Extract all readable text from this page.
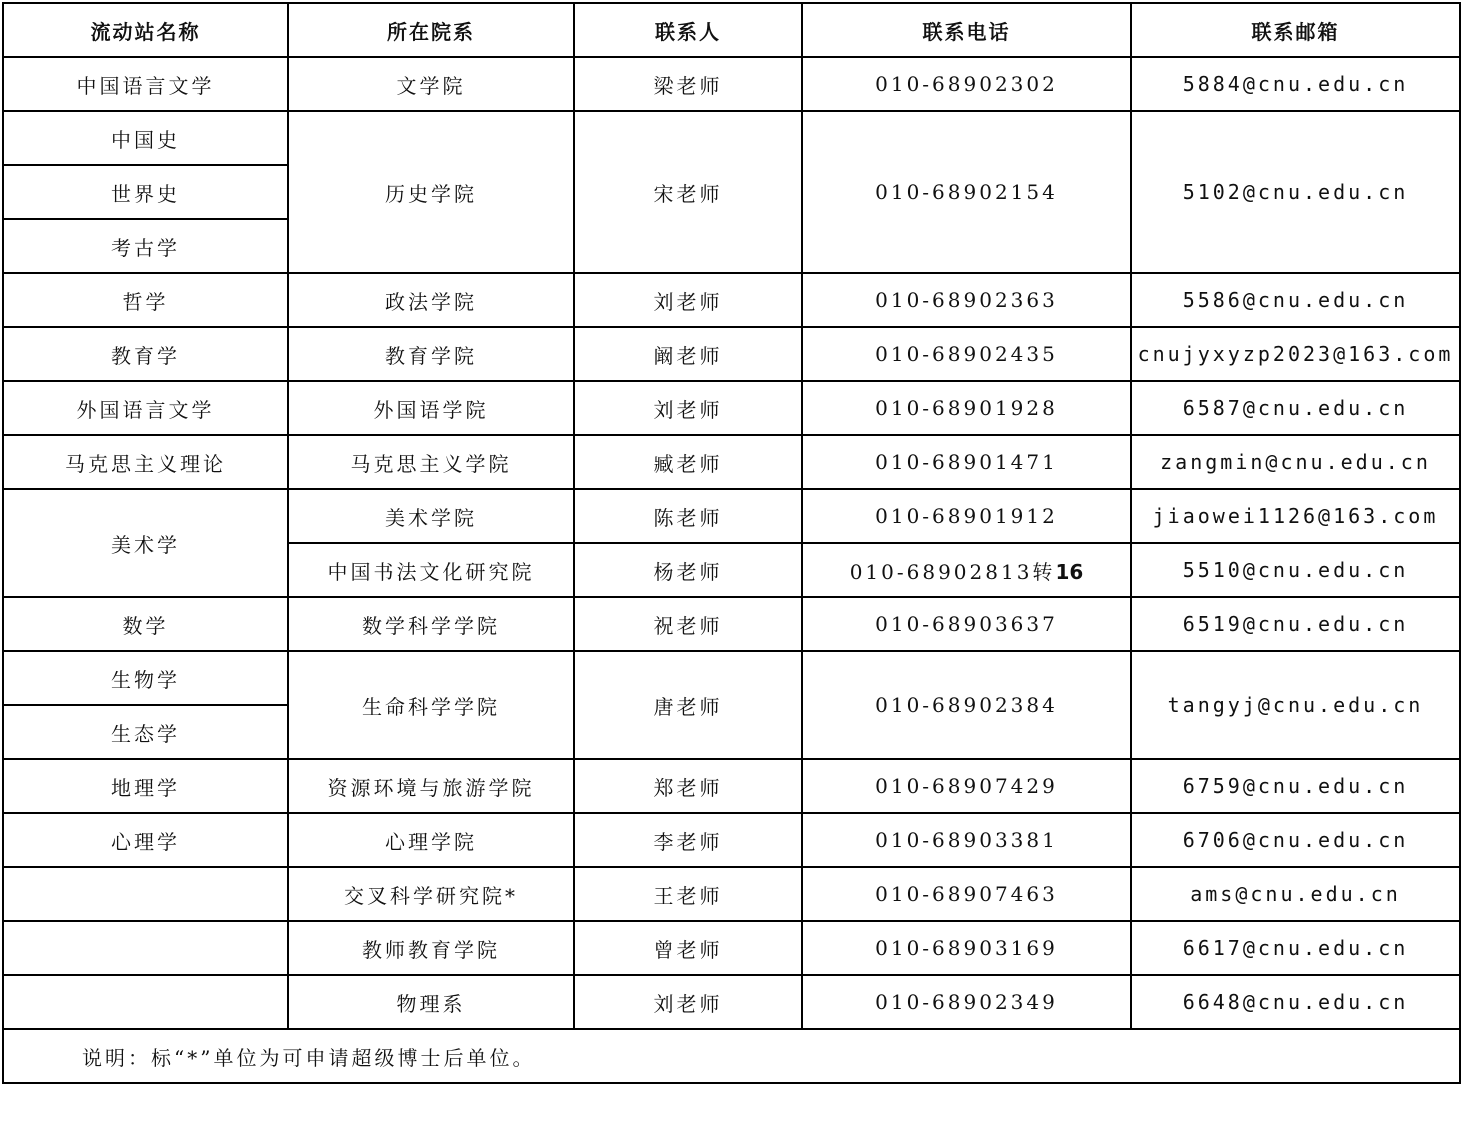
流动站名称	所在院系	联系人	联系电话	联系邮箱
中国语言文学	文学院	梁老师	010-68902302	5884@cnu.edu.cn
中国史	历史学院	宋老师	010-68902154	5102@cnu.edu.cn
世界史				
考古学				
哲学	政法学院	刘老师	010-68902363	5586@cnu.edu.cn
教育学	教育学院	阚老师	010-68902435	cnujyxyzp2023@163.com
外国语言文学	外国语学院	刘老师	010-68901928	6587@cnu.edu.cn
马克思主义理论	马克思主义学院	臧老师	010-68901471	zangmin@cnu.edu.cn
美术学	美术学院	陈老师	010-68901912	jiaowei1126@163.com
	中国书法文化研究院	杨老师	010-68902813转16	5510@cnu.edu.cn
数学	数学科学学院	祝老师	010-68903637	6519@cnu.edu.cn
生物学	生命科学学院	唐老师	010-68902384	tangyj@cnu.edu.cn
生态学				
地理学	资源环境与旅游学院	郑老师	010-68907429	6759@cnu.edu.cn
心理学	心理学院	李老师	010-68903381	6706@cnu.edu.cn
	交叉科学研究院*	王老师	010-68907463	ams@cnu.edu.cn
	教师教育学院	曾老师	010-68903169	6617@cnu.edu.cn
	物理系	刘老师	010-68902349	6648@cnu.edu.cn
说明：标“*”单位为可申请超级博士后单位。				
